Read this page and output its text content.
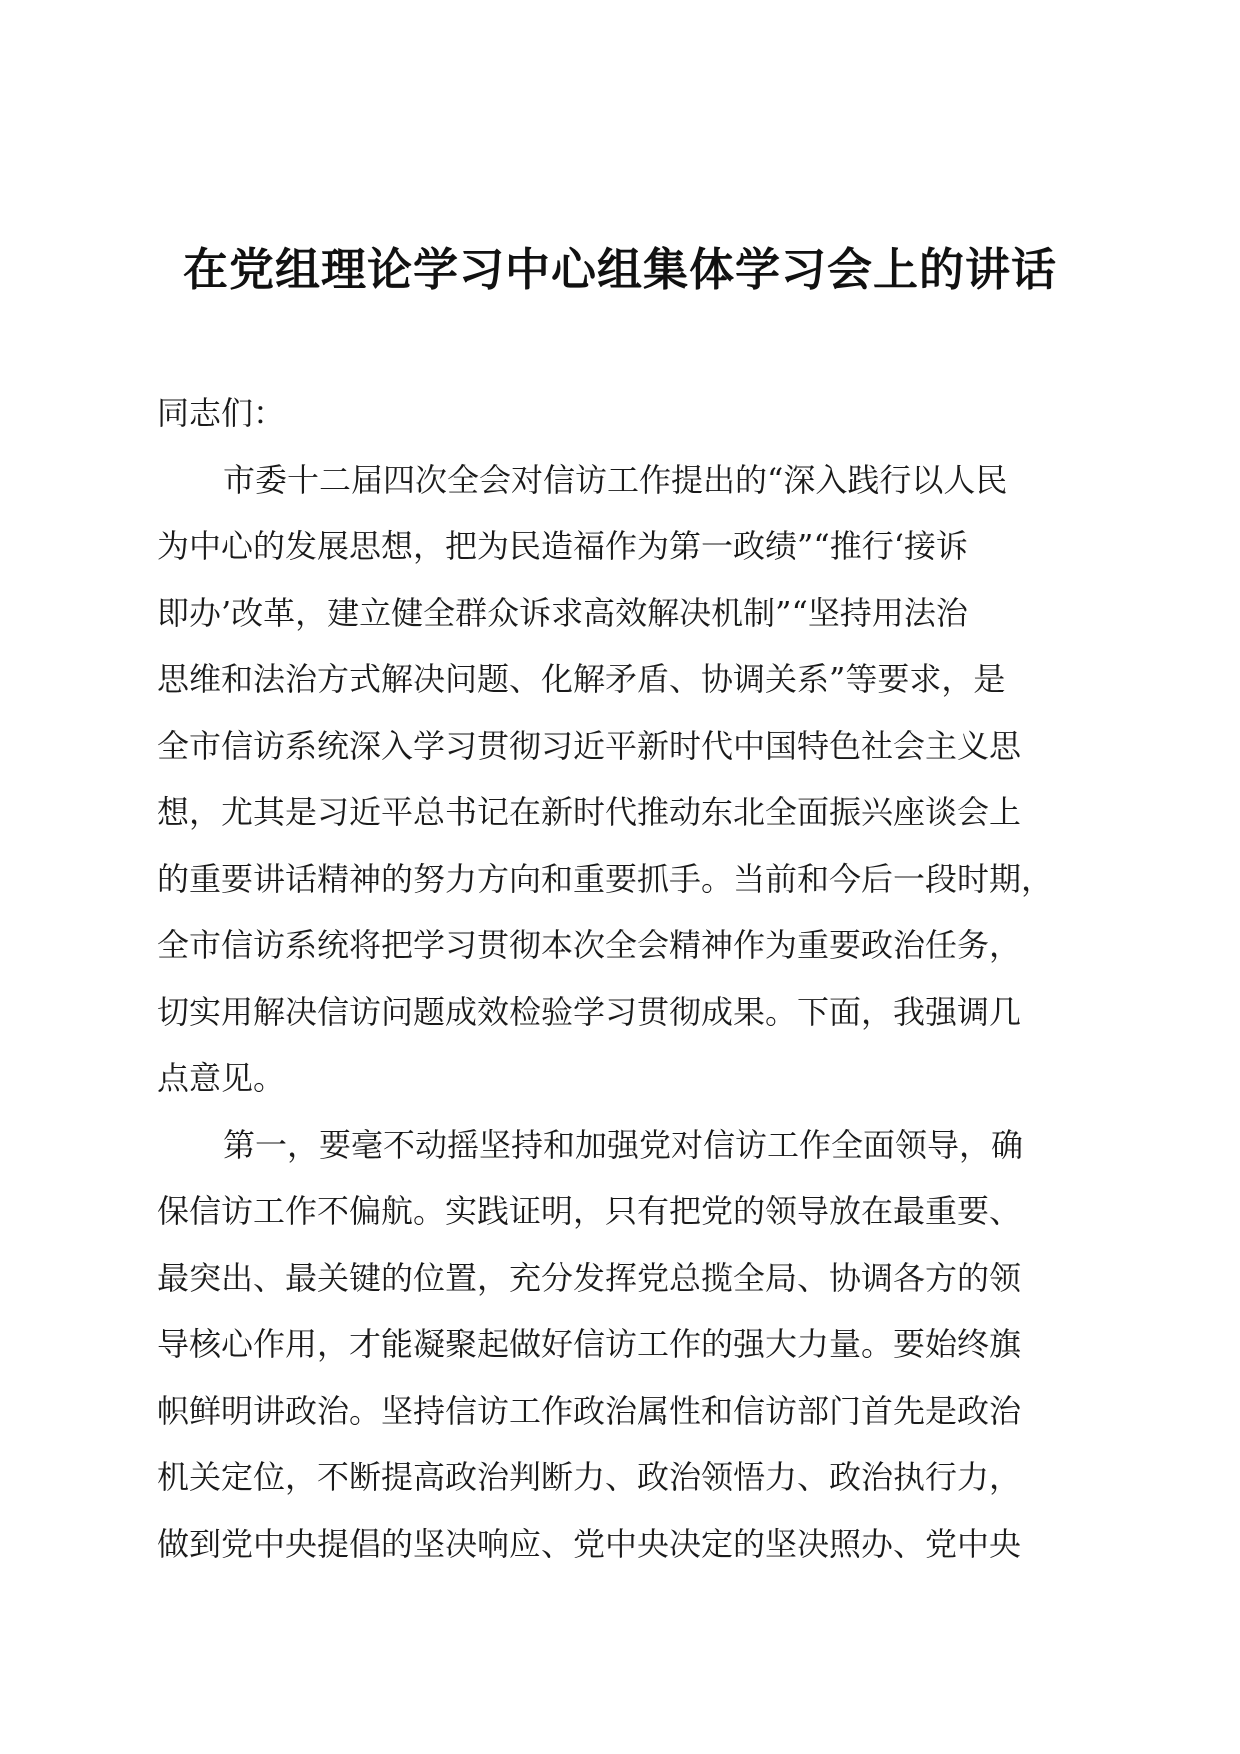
在党组理论学习中心组集体学习会上的讲话
同志们：
市委十二届四次全会对信访工作提出的“深入践行以人民
为中心的发展思想，把为民造福作为第一政绩”“推行‘接诉
即办’改革，建立健全群众诉求高效解决机制”“坚持用法治
思维和法治方式解决问题、化解矛盾、协调关系”等要求，是
全市信访系统深入学习贯彻习近平新时代中国特色社会主义思
想，尤其是习近平总书记在新时代推动东北全面振兴座谈会上
的重要讲话精神的努力方向和重要抓手。当前和今后一段时期，
全市信访系统将把学习贯彻本次全会精神作为重要政治任务，
切实用解决信访问题成效检验学习贯彻成果。下面，我强调几
点意见。
第一，要毫不动摇坚持和加强党对信访工作全面领导，确
保信访工作不偏航。实践证明，只有把党的领导放在最重要、
最突出、最关键的位置，充分发挥党总揽全局、协调各方的领
导核心作用，才能凝聚起做好信访工作的强大力量。要始终旗
帜鲜明讲政治。坚持信访工作政治属性和信访部门首先是政治
机关定位，不断提高政治判断力、政治领悟力、政治执行力，
做到党中央提倡的坚决响应、党中央决定的坚决照办、党中央
